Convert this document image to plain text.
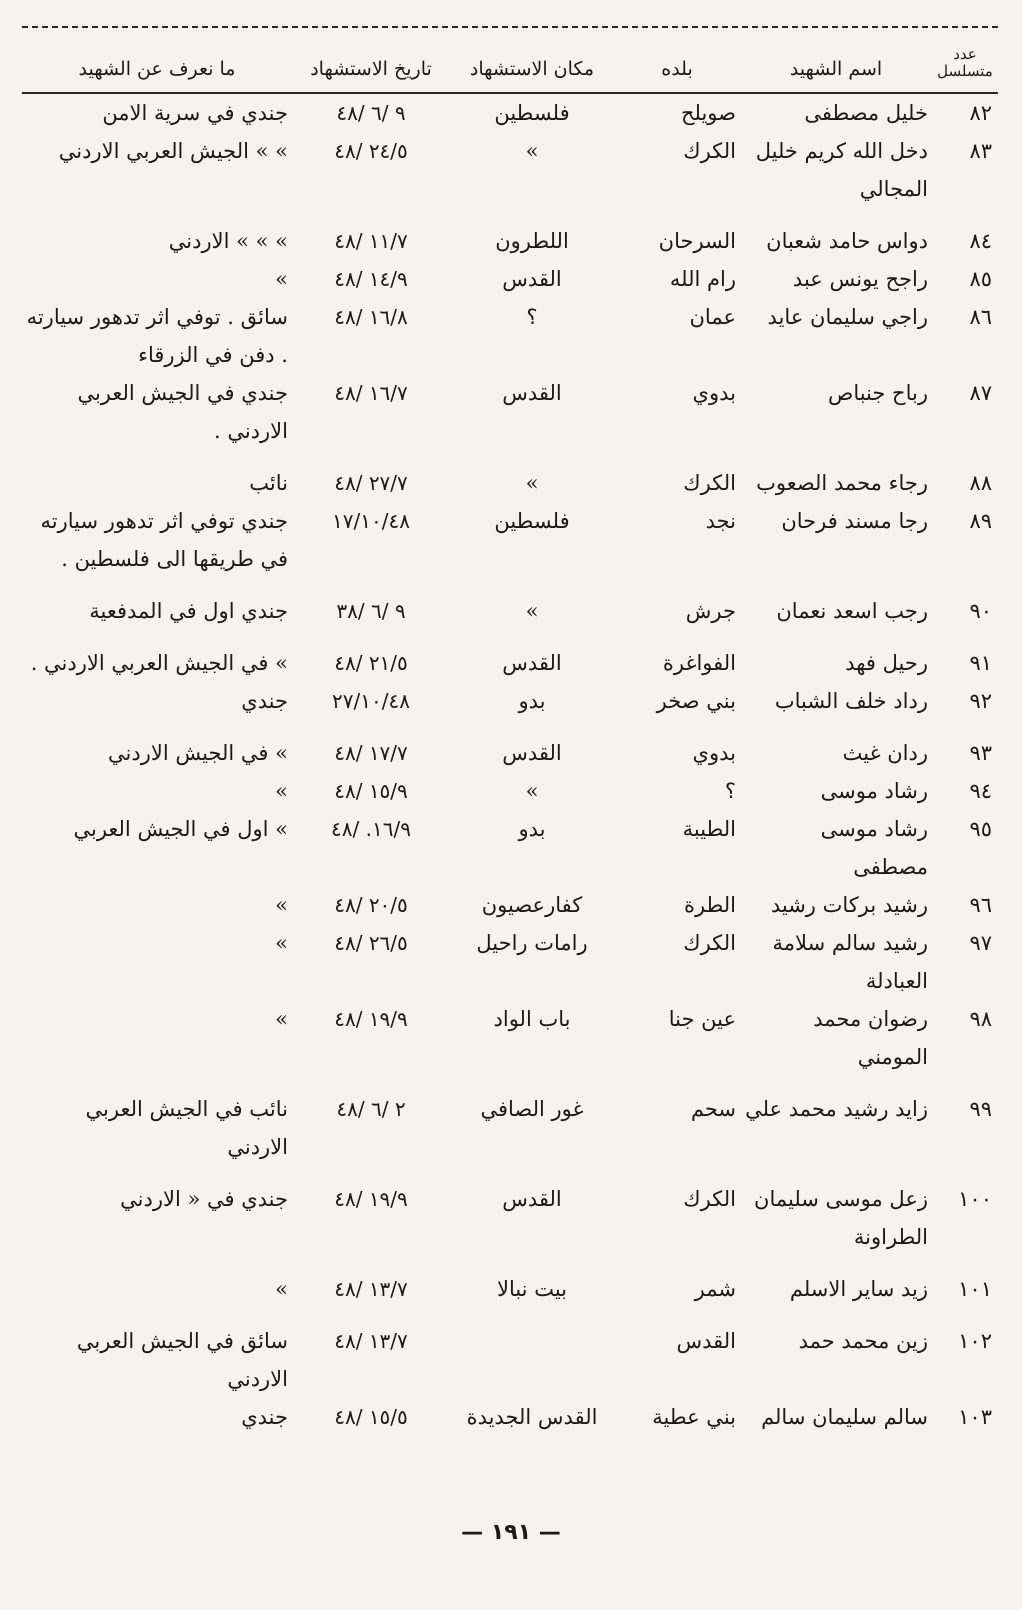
عدد متسلسل	اسم الشهيد	بلده	مكان الاستشهاد	تاريخ الاستشهاد	ما نعرف عن الشهيد
٨٢	خليل مصطفى	صويلح	فلسطين	٩ /٦ /٤٨	جندي في سرية الامن
٨٣	دخل الله كريم خليل المجالي	الكرك	»	٢٤/٥ /٤٨	» » الجيش العربي الاردني
٨٤	دواس حامد شعبان	السرحان	اللطرون	١١/٧ /٤٨	» » » الاردني
٨٥	راجح يونس عبد	رام الله	القدس	١٤/٩ /٤٨	»
٨٦	راجي سليمان عايد	عمان	؟	١٦/٨ /٤٨	سائق . توفي اثر تدهور سيارته . دفن في الزرقاء
٨٧	رباح جنباص	بدوي	القدس	١٦/٧ /٤٨	جندي في الجيش العربي الاردني .
٨٨	رجاء محمد الصعوب	الكرك	»	٢٧/٧ /٤٨	نائب
٨٩	رجا مسند فرحان	نجد	فلسطين	١٧/١٠/٤٨	جندي توفي اثر تدهور سيارته في طريقها الى فلسطين .
٩٠	رجب اسعد نعمان	جرش	»	٩ /٦ /٣٨	جندي اول في المدفعية
٩١	رحيل فهد	الفواغرة	القدس	٢١/٥ /٤٨	» في الجيش العربي الاردني .
٩٢	رداد خلف الشباب	بني صخر	بدو	٢٧/١٠/٤٨	جندي
٩٣	ردان غيث	بدوي	القدس	١٧/٧ /٤٨	» في الجيش الاردني
٩٤	رشاد موسى	؟	»	١٥/٩ /٤٨	»
٩٥	رشاد موسى مصطفى	الطيبة	بدو	١٦/٩. /٤٨	» اول في الجيش العربي
٩٦	رشيد بركات رشيد	الطرة	كفارعصيون	٢٠/٥ /٤٨	»
٩٧	رشيد سالم سلامة العبادلة	الكرك	رامات راحيل	٢٦/٥ /٤٨	»
٩٨	رضوان محمد المومني	عين جنا	باب الواد	١٩/٩ /٤٨	»
٩٩	زايد رشيد محمد علي	سحم	غور الصافي	٢ /٦ /٤٨	نائب في الجيش العربي الاردني
١٠٠	زعل موسى سليمان الطراونة	الكرك	القدس	١٩/٩ /٤٨	جندي في « الاردني
١٠١	زيد ساير الاسلم	شمر	بيت نبالا	١٣/٧ /٤٨	»
١٠٢	زين محمد حمد	القدس		١٣/٧ /٤٨	سائق في الجيش العربي الاردني
١٠٣	سالم سليمان سالم	بني عطية	القدس الجديدة	١٥/٥ /٤٨	جندي
— ١٩١ —
